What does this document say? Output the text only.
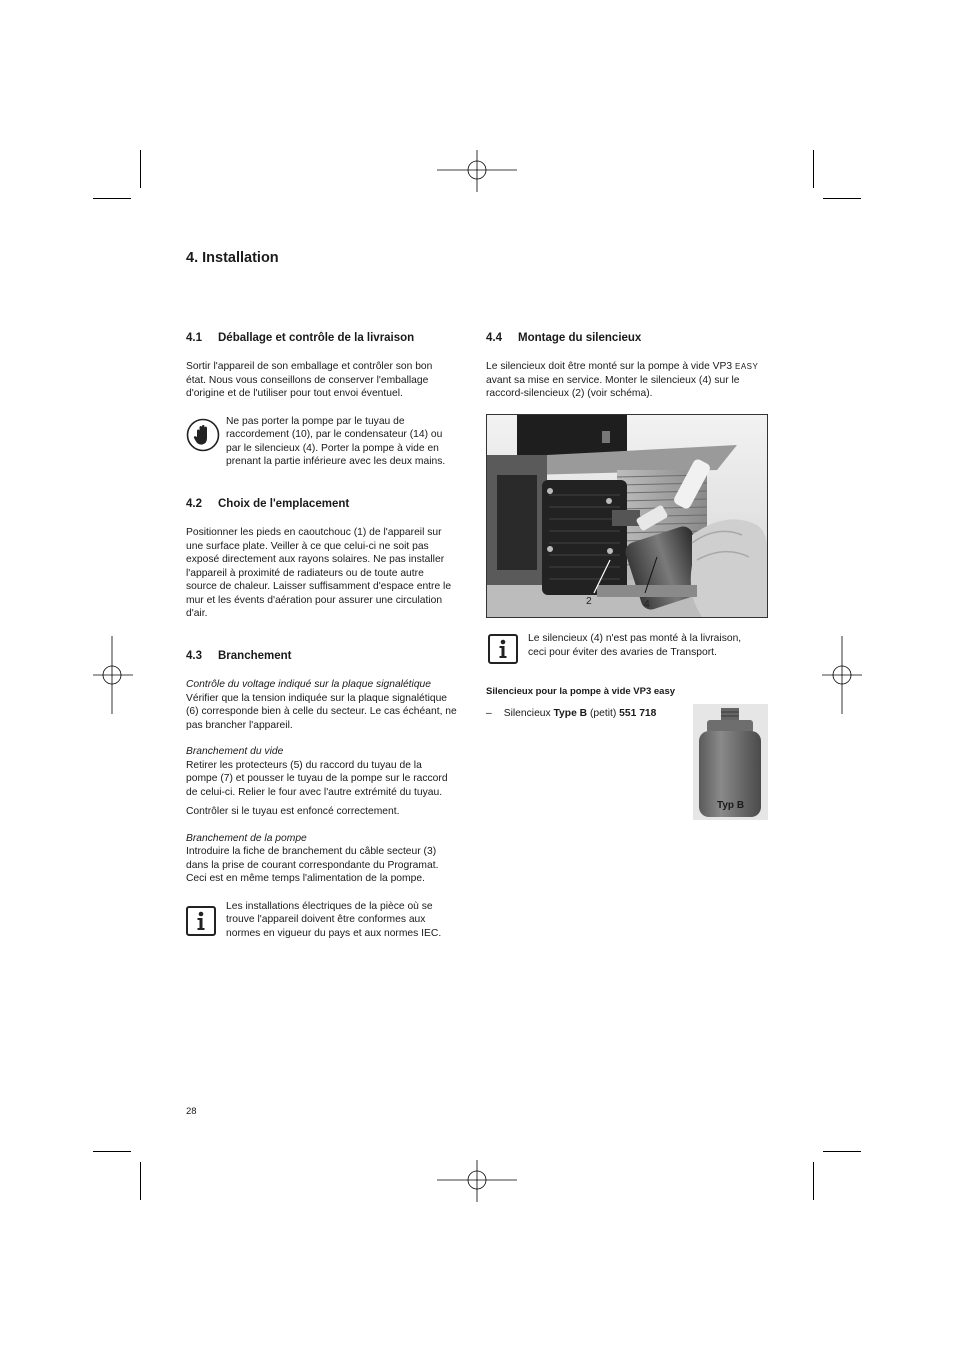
4. Installation
4.1 Déballage et contrôle de la livraison
Sortir l'appareil de son emballage et contrôler son bon
état. Nous vous conseillons de conserver l'emballage
d'origine et de l'utiliser pour tout envoi éventuel.
Ne pas porter la pompe par le tuyau de
raccordement (10), par le condensateur (14) ou
par le silencieux (4). Porter la pompe à vide en
prenant la partie inférieure avec les deux mains.
4.2 Choix de l'emplacement
Positionner les pieds en caoutchouc (1) de l'appareil sur
une surface plate. Veiller à ce que celui-ci ne soit pas
exposé directement aux rayons solaires. Ne pas installer
l'appareil à proximité de radiateurs ou de toute autre
source de chaleur. Laisser suffisamment d'espace entre le
mur et les évents d'aération pour assurer une circulation
d'air.
4.3 Branchement
Contrôle du voltage indiqué sur la plaque signalétique
Vérifier que la tension indiquée sur la plaque signalétique
(6) corresponde bien à celle du secteur. Le cas échéant, ne
pas brancher l'appareil.
Branchement du vide
Retirer les protecteurs (5) du raccord du tuyau de la
pompe (7) et pousser le tuyau de la pompe sur le raccord
de celui-ci. Relier le four avec l'autre extrémité du tuyau.
Contrôler si le tuyau est enfoncé correctement.
Branchement de la pompe
Introduire la fiche de branchement du câble secteur (3)
dans la prise de courant correspondante du Programat.
Ceci est en même temps l'alimentation de la pompe.
Les installations électriques de la pièce où se
trouve l'appareil doivent être conformes aux
normes en vigueur du pays et aux normes IEC.
4.4 Montage du silencieux
Le silencieux doit être monté sur la pompe à vide VP3 EASY
avant sa mise en service. Monter le silencieux (4) sur le
raccord-silencieux (2) (voir schéma).
2	4
Le silencieux (4) n'est pas monté à la livraison,
ceci pour éviter des avaries de Transport.
Silencieux pour la pompe à vide VP3 easy
– Silencieux Type B (petit) 551 718
Typ B
28
